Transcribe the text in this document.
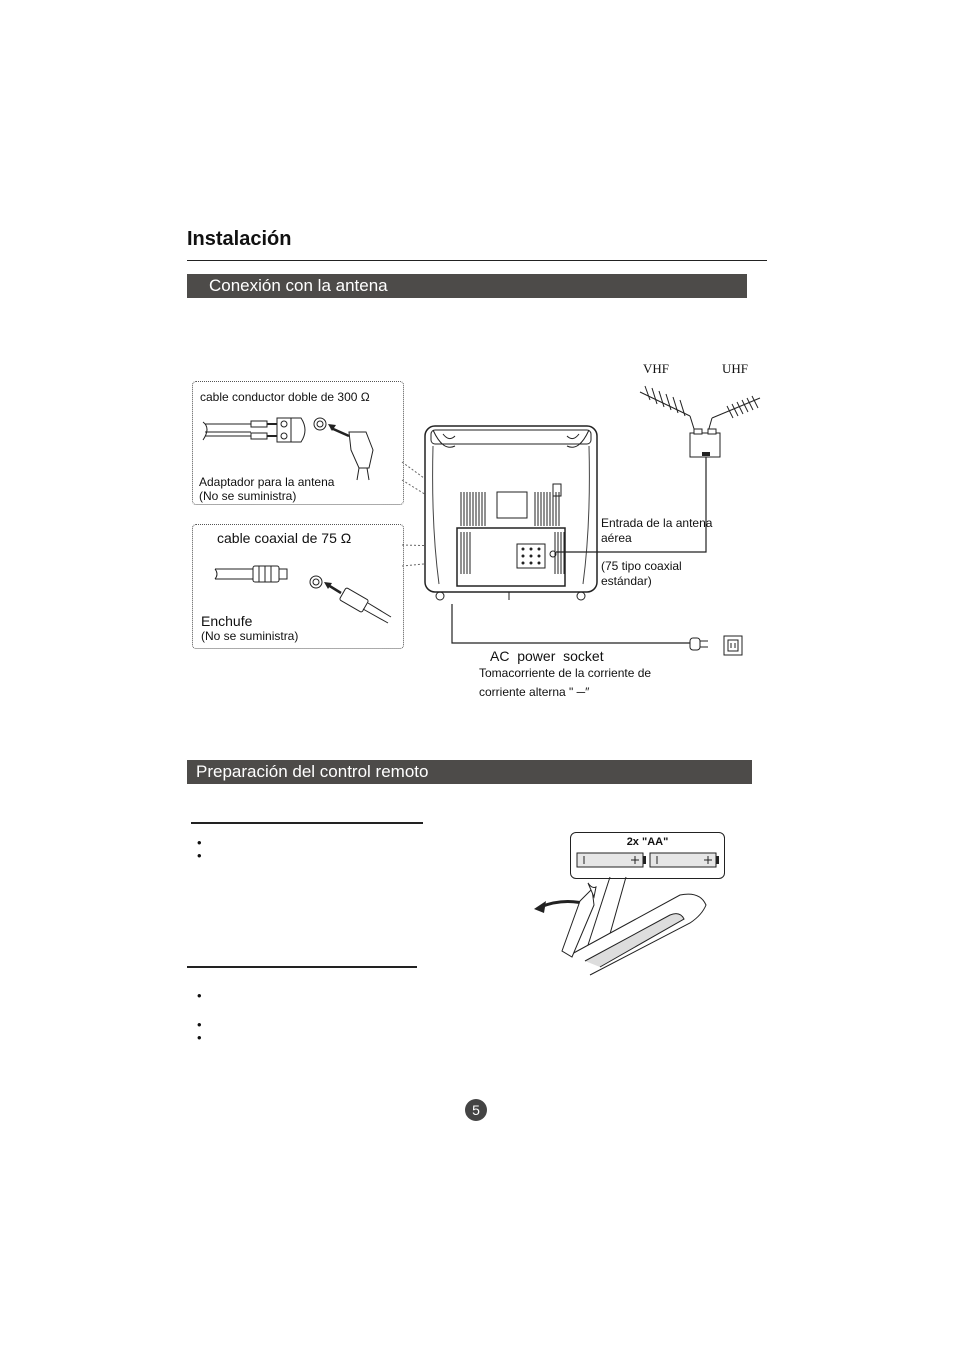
Instalación
Conexión con la antena
cable conductor doble de 300 Ω
Adaptador para la antena
(No se suministra)
cable coaxial de 75 Ω
Enchufe
(No se suministra)
VHF	UHF
Entrada de la antena
aérea
(75 tipo coaxial
estándar)
AC  power  socket
Tomacorriente de la corriente de
corriente alterna " ─″
Preparación del control remoto
•
•
•
•
•
2x "AA"
5
